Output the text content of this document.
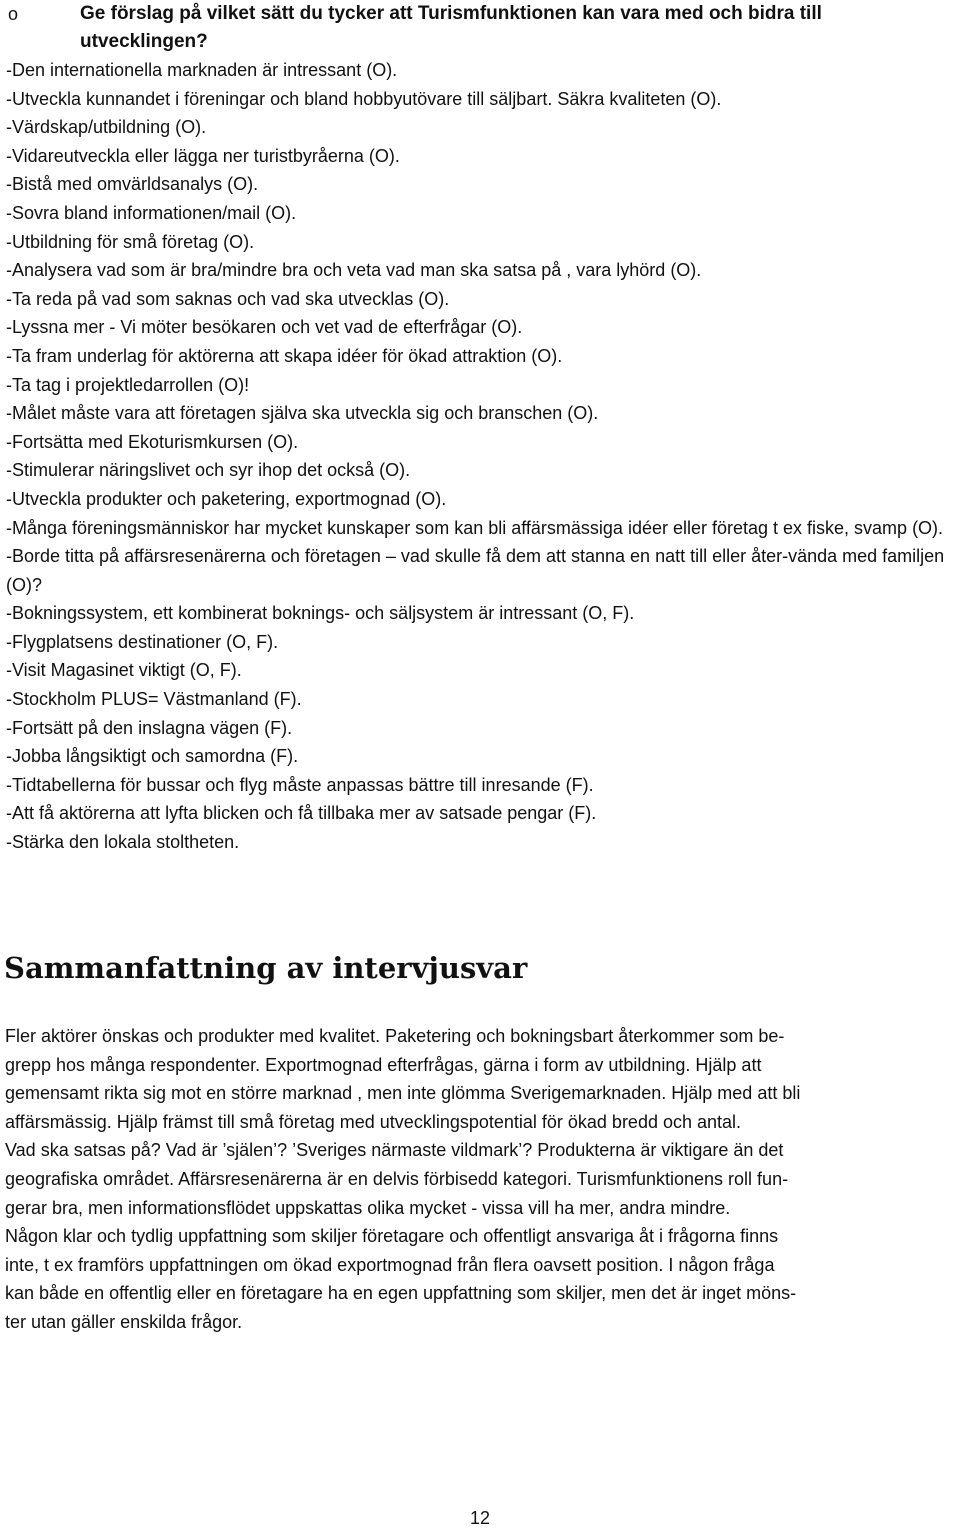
o	Ge förslag på vilket sätt du tycker att Turismfunktionen kan vara med och bidra till utvecklingen?
-Den internationella marknaden är intressant (O).
-Utveckla kunnandet i föreningar och bland hobbyutövare till säljbart. Säkra kvaliteten (O).
-Värdskap/utbildning (O).
-Vidareutveckla eller lägga ner turistbyråerna (O).
-Bistå med omvärldsanalys (O).
-Sovra bland informationen/mail (O).
-Utbildning för små företag (O).
-Analysera vad som är bra/mindre bra och veta vad man ska satsa på , vara lyhörd (O).
-Ta reda på vad som saknas och vad ska utvecklas (O).
-Lyssna mer - Vi möter besökaren och vet vad de efterfrågar (O).
-Ta fram underlag för aktörerna att skapa idéer för ökad attraktion (O).
-Ta tag i projektledarrollen (O)!
-Målet måste vara att företagen själva ska utveckla sig och branschen (O).
-Fortsätta med Ekoturismkursen (O).
-Stimulerar näringslivet och syr ihop det också (O).
-Utveckla produkter och paketering, exportmognad (O).
-Många föreningsmänniskor har mycket kunskaper som kan bli affärsmässiga idéer eller företag t ex fiske, svamp (O).
-Borde titta på affärsresenärerna och företagen – vad skulle få dem att stanna en natt till eller åter-vända med familjen (O)?
-Bokningssystem, ett kombinerat boknings- och säljsystem är intressant (O, F).
-Flygplatsens destinationer (O, F).
-Visit Magasinet viktigt (O, F).
-Stockholm PLUS= Västmanland (F).
-Fortsätt på den inslagna vägen (F).
-Jobba långsiktigt och samordna (F).
-Tidtabellerna för bussar och flyg måste anpassas bättre till inresande (F).
-Att få aktörerna att lyfta blicken och få tillbaka mer av satsade pengar (F).
-Stärka den lokala stoltheten.
Sammanfattning av intervjusvar
Fler aktörer önskas och produkter med kvalitet. Paketering och bokningsbart återkommer som be-
grepp hos många respondenter. Exportmognad efterfrågas, gärna i form av utbildning. Hjälp att
gemensamt rikta sig mot en större marknad , men inte glömma Sverigemarknaden. Hjälp med att bli
affärsmässig. Hjälp främst till små företag med utvecklingspotential för ökad bredd och antal.
Vad ska satsas på? Vad är ’själen’? ’Sveriges närmaste vildmark’? Produkterna är viktigare än det
geografiska området. Affärsresenärerna är en delvis förbisedd kategori. Turismfunktionens roll fun-
gerar bra, men informationsflödet uppskattas olika mycket - vissa vill ha mer, andra mindre.
Någon klar och tydlig uppfattning som skiljer företagare och offentligt ansvariga åt i frågorna finns
inte, t ex framförs uppfattningen om ökad exportmognad från flera oavsett position. I någon fråga
kan både en offentlig eller en företagare ha en egen uppfattning som skiljer, men det är inget möns-
ter utan gäller enskilda frågor.
12
